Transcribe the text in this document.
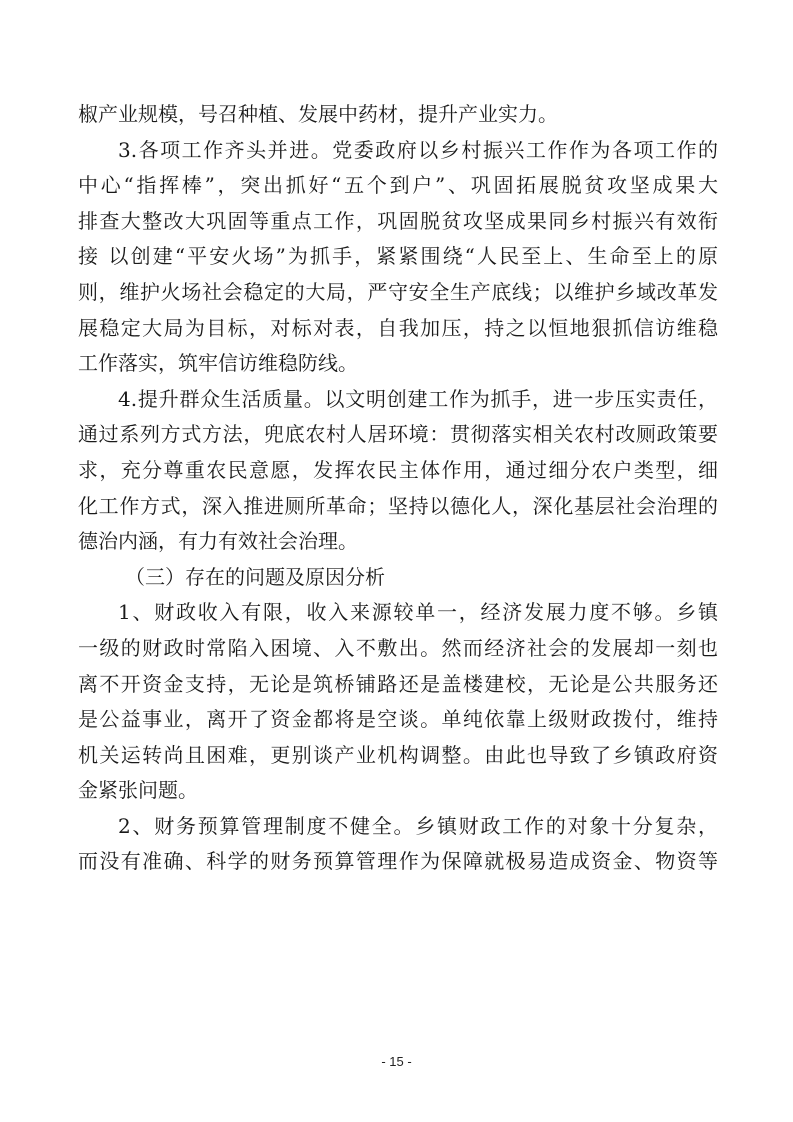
椒产业规模，号召种植、发展中药材，提升产业实力。
3.各项工作齐头并进。党委政府以乡村振兴工作作为各项工作的
中心“指挥棒”，突出抓好“五个到户”、巩固拓展脱贫攻坚成果大
排查大整改大巩固等重点工作，巩固脱贫攻坚成果同乡村振兴有效衔
接 以创建“平安火场”为抓手，紧紧围绕“人民至上、生命至上的原
则，维护火场社会稳定的大局，严守安全生产底线；以维护乡域改革发
展稳定大局为目标，对标对表，自我加压，持之以恒地狠抓信访维稳
工作落实，筑牢信访维稳防线。
4.提升群众生活质量。以文明创建工作为抓手，进一步压实责任，
通过系列方式方法，兜底农村人居环境：贯彻落实相关农村改厕政策要
求，充分尊重农民意愿，发挥农民主体作用，通过细分农户类型，细
化工作方式，深入推进厕所革命；坚持以德化人，深化基层社会治理的
德治内涵，有力有效社会治理。
（三）存在的问题及原因分析
1、财政收入有限，收入来源较单一，经济发展力度不够。乡镇
一级的财政时常陷入困境、入不敷出。然而经济社会的发展却一刻也
离不开资金支持，无论是筑桥铺路还是盖楼建校，无论是公共服务还
是公益事业，离开了资金都将是空谈。单纯依靠上级财政拨付，维持
机关运转尚且困难，更别谈产业机构调整。由此也导致了乡镇政府资
金紧张问题。
2、财务预算管理制度不健全。乡镇财政工作的对象十分复杂，
而没有准确、科学的财务预算管理作为保障就极易造成资金、物资等
- 15 -
